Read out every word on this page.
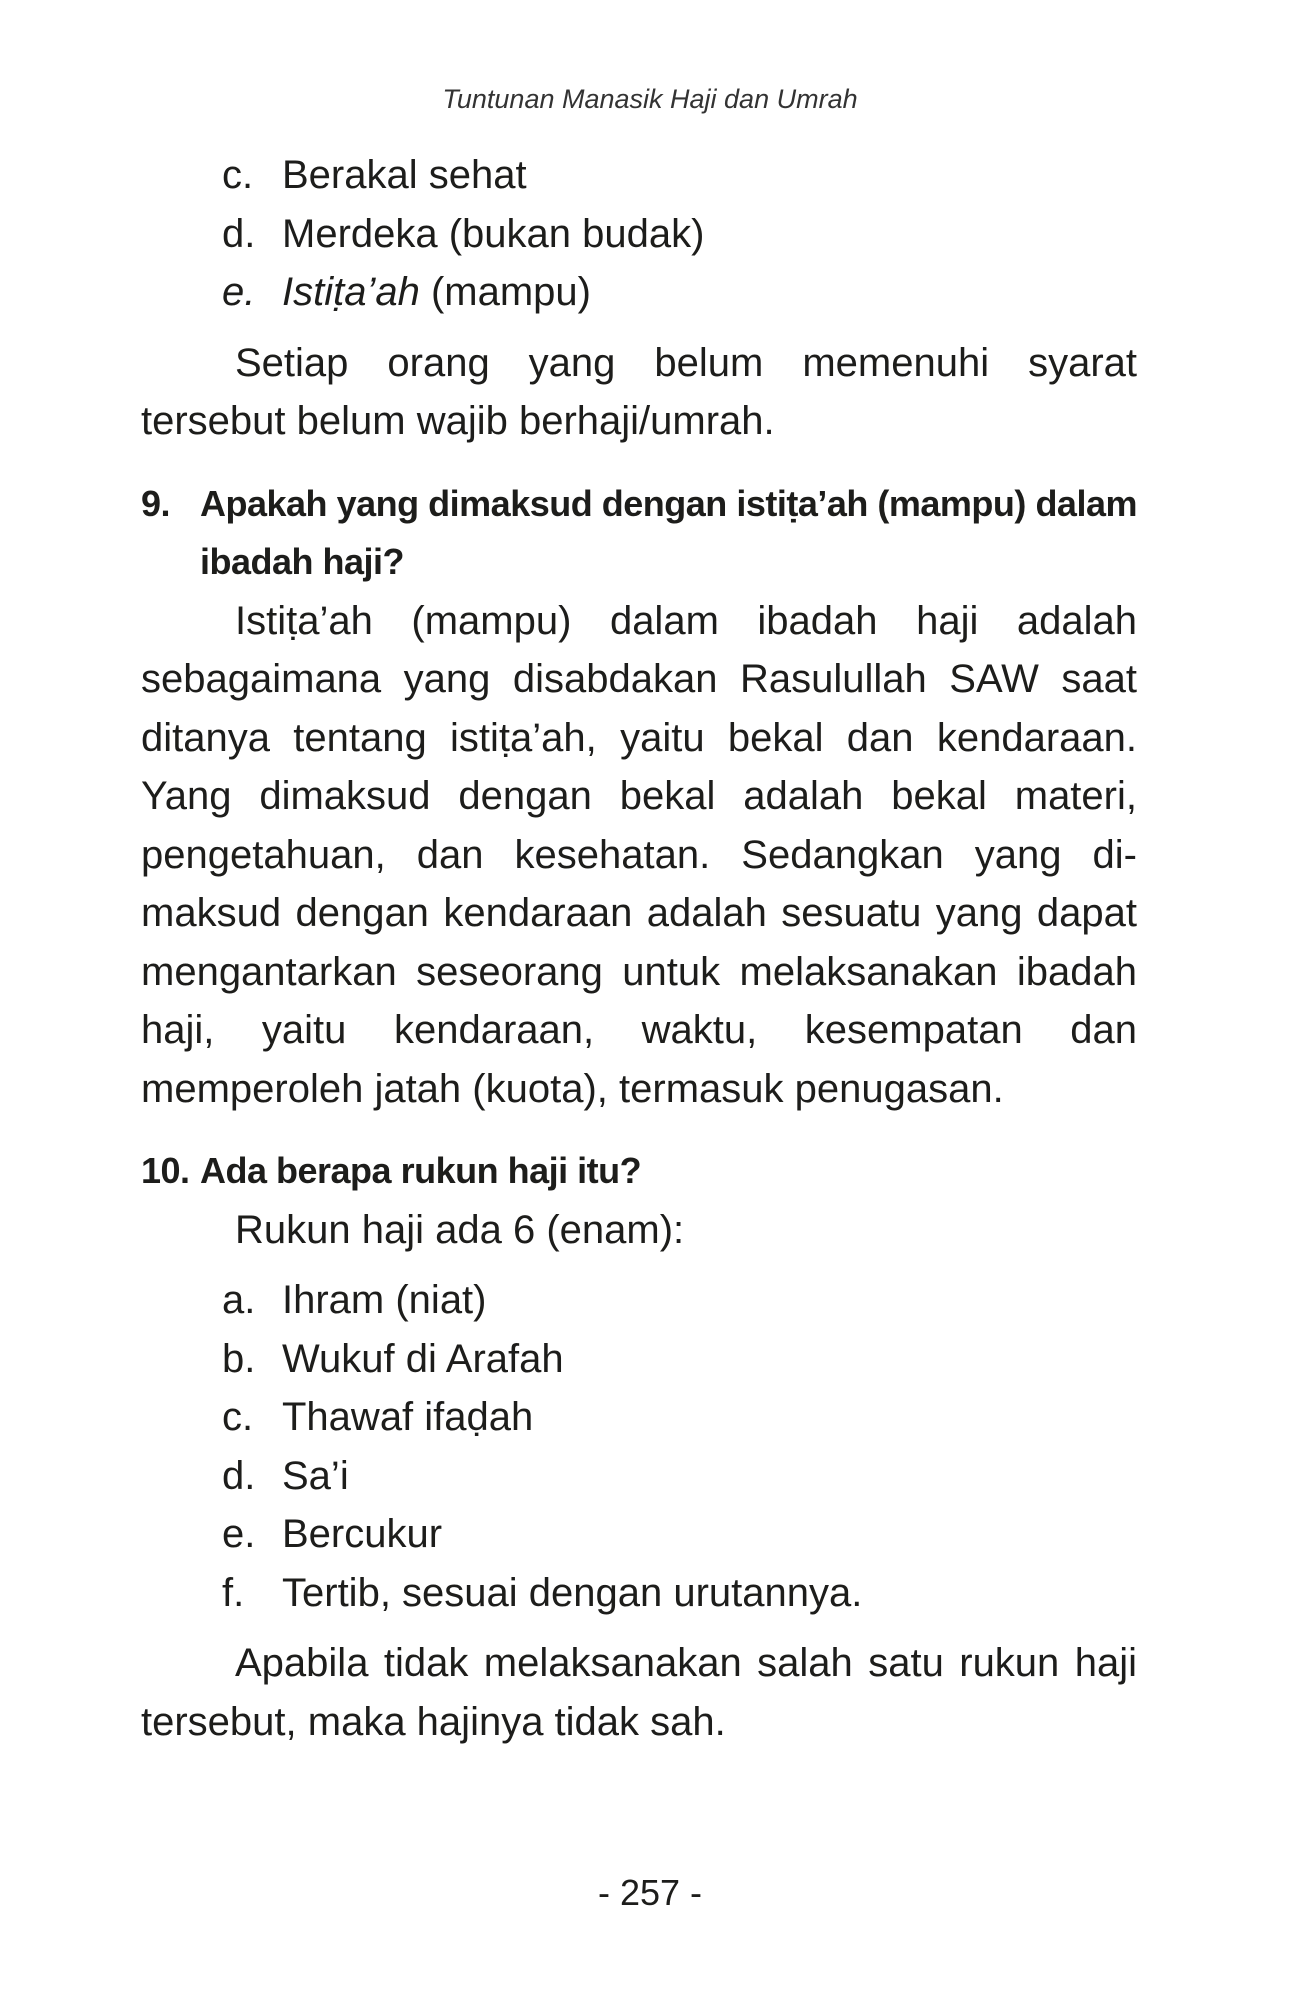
Tuntunan Manasik Haji dan Umrah
c. Berakal sehat
d. Merdeka (bukan budak)
e. Istiṭa’ah (mampu)

Setiap orang yang belum memenuhi syarat tersebut belum wajib berhaji/umrah.

9. Apakah yang dimaksud dengan istiṭa’ah (mampu) dalam ibadah haji?

Istiṭa’ah (mampu) dalam ibadah haji adalah sebagaimana yang disabdakan Rasulullah SAW saat ditanya tentang istiṭa’ah, yaitu bekal dan kendaraan. Yang dimaksud dengan bekal adalah bekal materi, pengetahuan, dan kesehatan. Sedangkan yang dimaksud dengan kendaraan adalah sesuatu yang dapat mengantarkan seseorang untuk melaksanakan ibadah haji, yaitu kendaraan, waktu, kesempatan dan memperoleh jatah (kuota), termasuk penugasan.

10. Ada berapa rukun haji itu?

Rukun haji ada 6 (enam):

a. Ihram (niat)
b. Wukuf di Arafah
c. Thawaf ifaḍah
d. Sa’i
e. Bercukur
f. Tertib, sesuai dengan urutannya.

Apabila tidak melaksanakan salah satu rukun haji tersebut, maka hajinya tidak sah.

- 257 -
